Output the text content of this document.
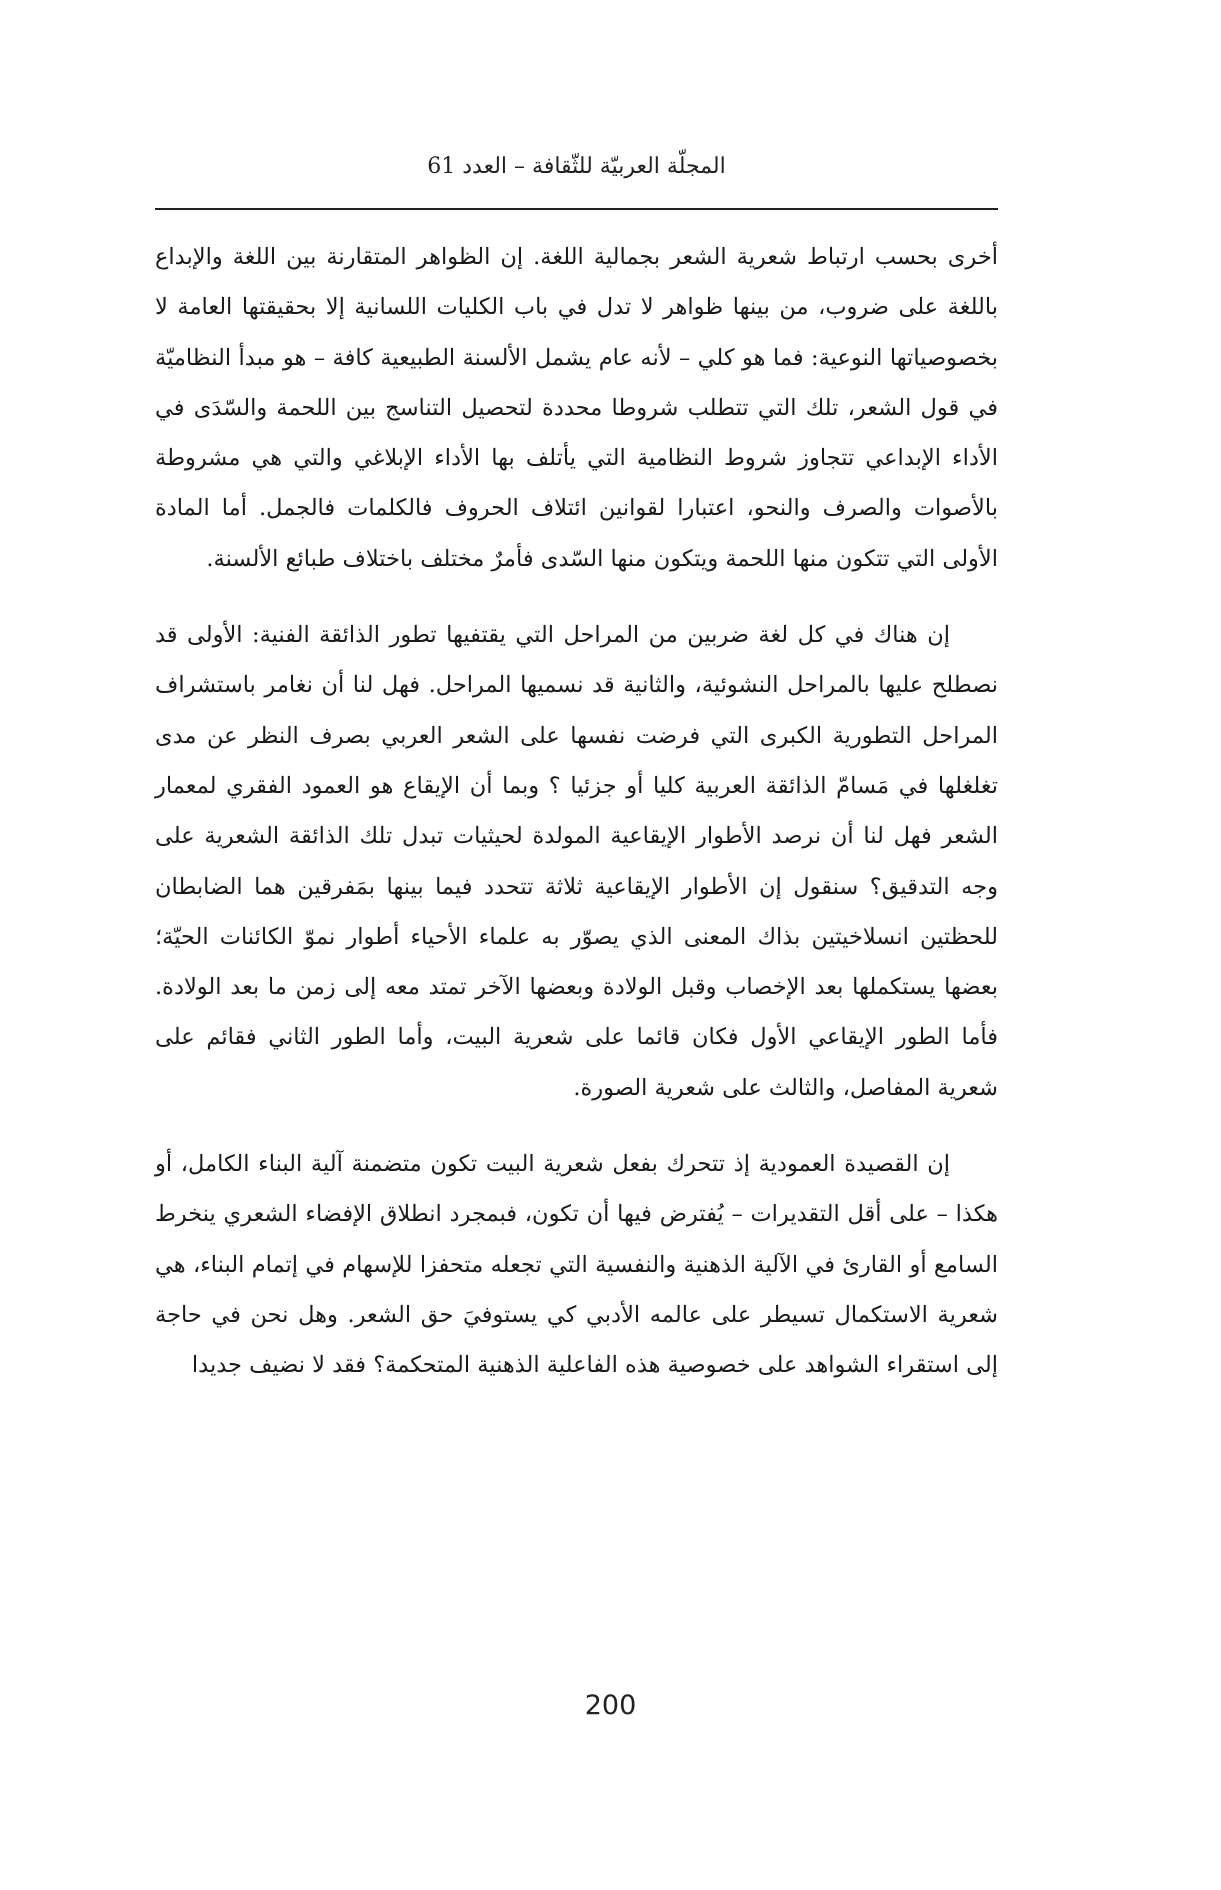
المجلّة العربيّة للثّقافة – العدد 61

أخرى بحسب ارتباط شعرية الشعر بجمالية اللغة. إن الظواهر المتقارنة بين اللغة والإبداع باللغة على ضروب، من بينها ظواهر لا تدل في باب الكليات اللسانية إلا بحقيقتها العامة لا بخصوصياتها النوعية: فما هو كلي – لأنه عام يشمل الألسنة الطبيعية كافة – هو مبدأ النظاميّة في قول الشعر، تلك التي تتطلب شروطا محددة لتحصيل التناسج بين اللحمة والسّدَى في الأداء الإبداعي تتجاوز شروط النظامية التي يأتلف بها الأداء الإبلاغي والتي هي مشروطة بالأصوات والصرف والنحو، اعتبارا لقوانين ائتلاف الحروف فالكلمات فالجمل. أما المادة الأولى التي تتكون منها اللحمة ويتكون منها السّدى فأمرٌ مختلف باختلاف طبائع الألسنة.

إن هناك في كل لغة ضربين من المراحل التي يقتفيها تطور الذائقة الفنية: الأولى قد نصطلح عليها بالمراحل النشوئية، والثانية قد نسميها المراحل. فهل لنا أن نغامر باستشراف المراحل التطورية الكبرى التي فرضت نفسها على الشعر العربي بصرف النظر عن مدى تغلغلها في مَسامّ الذائقة العربية كليا أو جزئيا ؟ وبما أن الإيقاع هو العمود الفقري لمعمار الشعر فهل لنا أن نرصد الأطوار الإيقاعية المولدة لحيثيات تبدل تلك الذائقة الشعرية على وجه التدقيق؟ سنقول إن الأطوار الإيقاعية ثلاثة تتحدد فيما بينها بمَفرقين هما الضابطان للحظتين انسلاخيتين بذاك المعنى الذي يصوّر به علماء الأحياء أطوار نموّ الكائنات الحيّة؛ بعضها يستكملها بعد الإخصاب وقبل الولادة وبعضها الآخر تمتد معه إلى زمن ما بعد الولادة. فأما الطور الإيقاعي الأول فكان قائما على شعرية البيت، وأما الطور الثاني فقائم على شعرية المفاصل، والثالث على شعرية الصورة.

إن القصيدة العمودية إذ تتحرك بفعل شعرية البيت تكون متضمنة آلية البناء الكامل، أو هكذا – على أقل التقديرات – يُفترض فيها أن تكون، فبمجرد انطلاق الإفضاء الشعري ينخرط السامع أو القارئ في الآلية الذهنية والنفسية التي تجعله متحفزا للإسهام في إتمام البناء، هي شعرية الاستكمال تسيطر على عالمه الأدبي كي يستوفيَ حق الشعر. وهل نحن في حاجة إلى استقراء الشواهد على خصوصية هذه الفاعلية الذهنية المتحكمة؟ فقد لا نضيف جديدا

200
